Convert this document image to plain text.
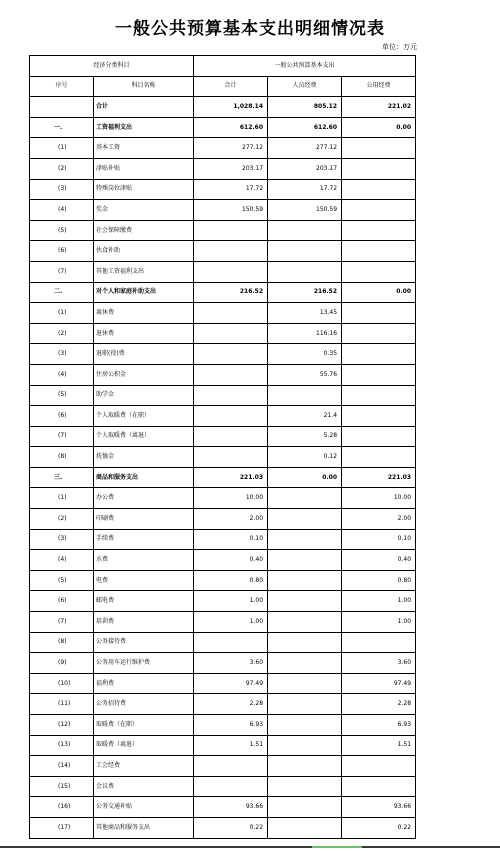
一般公共预算基本支出明细情况表
单位：万元
经济分类科目		一般公共预算基本支出		
序号	科目名称	合计	人员经费	公用经费
	合计	1,028.14	805.12	221.02
一.	工资福利支出	612.60	612.60	0.00
(1)	基本工资	277.12	277.12	
(2)	津贴补贴	203.17	203.17	
(3)	特殊岗位津贴	17.72	17.72	
(4)	奖金	150.59	150.59	
(5)	社会保障缴费			
(6)	伙食补助			
(7)	其他工资福利支出			
二.	对个人和家庭补助支出	216.52	216.52	0.00
(1)	离休费		13.45	
(2)	退休费		116.16	
(3)	退职(役)费		0.35	
(4)	住房公积金		55.76	
(5)	助学金			
(6)	个人取暖费（在职）		21.4	
(7)	个人取暖费（离退）		5.28	
(8)	抚恤金		0.12	
三.	商品和服务支出	221.03	0.00	221.03
(1)	办公费	10.00		10.00
(2)	印刷费	2.00		2.00
(3)	手续费	0.10		0.10
(4)	水费	0.40		0.40
(5)	电费	0.80		0.80
(6)	邮电费	1.00		1.00
(7)	培训费	1.00		1.00
(8)	公务接待费			
(9)	公务用车运行维护费	3.60		3.60
(10)	福利费	97.49		97.49
(11)	公务招待费	2.28		2.28
(12)	取暖费（在职）	6.93		6.93
(13)	取暖费（离退）	1.51		1.51
(14)	工会经费			
(15)	会议费			
(16)	公务交通补贴	93.66		93.66
(17)	其他商品和服务支出	0.22		0.22
